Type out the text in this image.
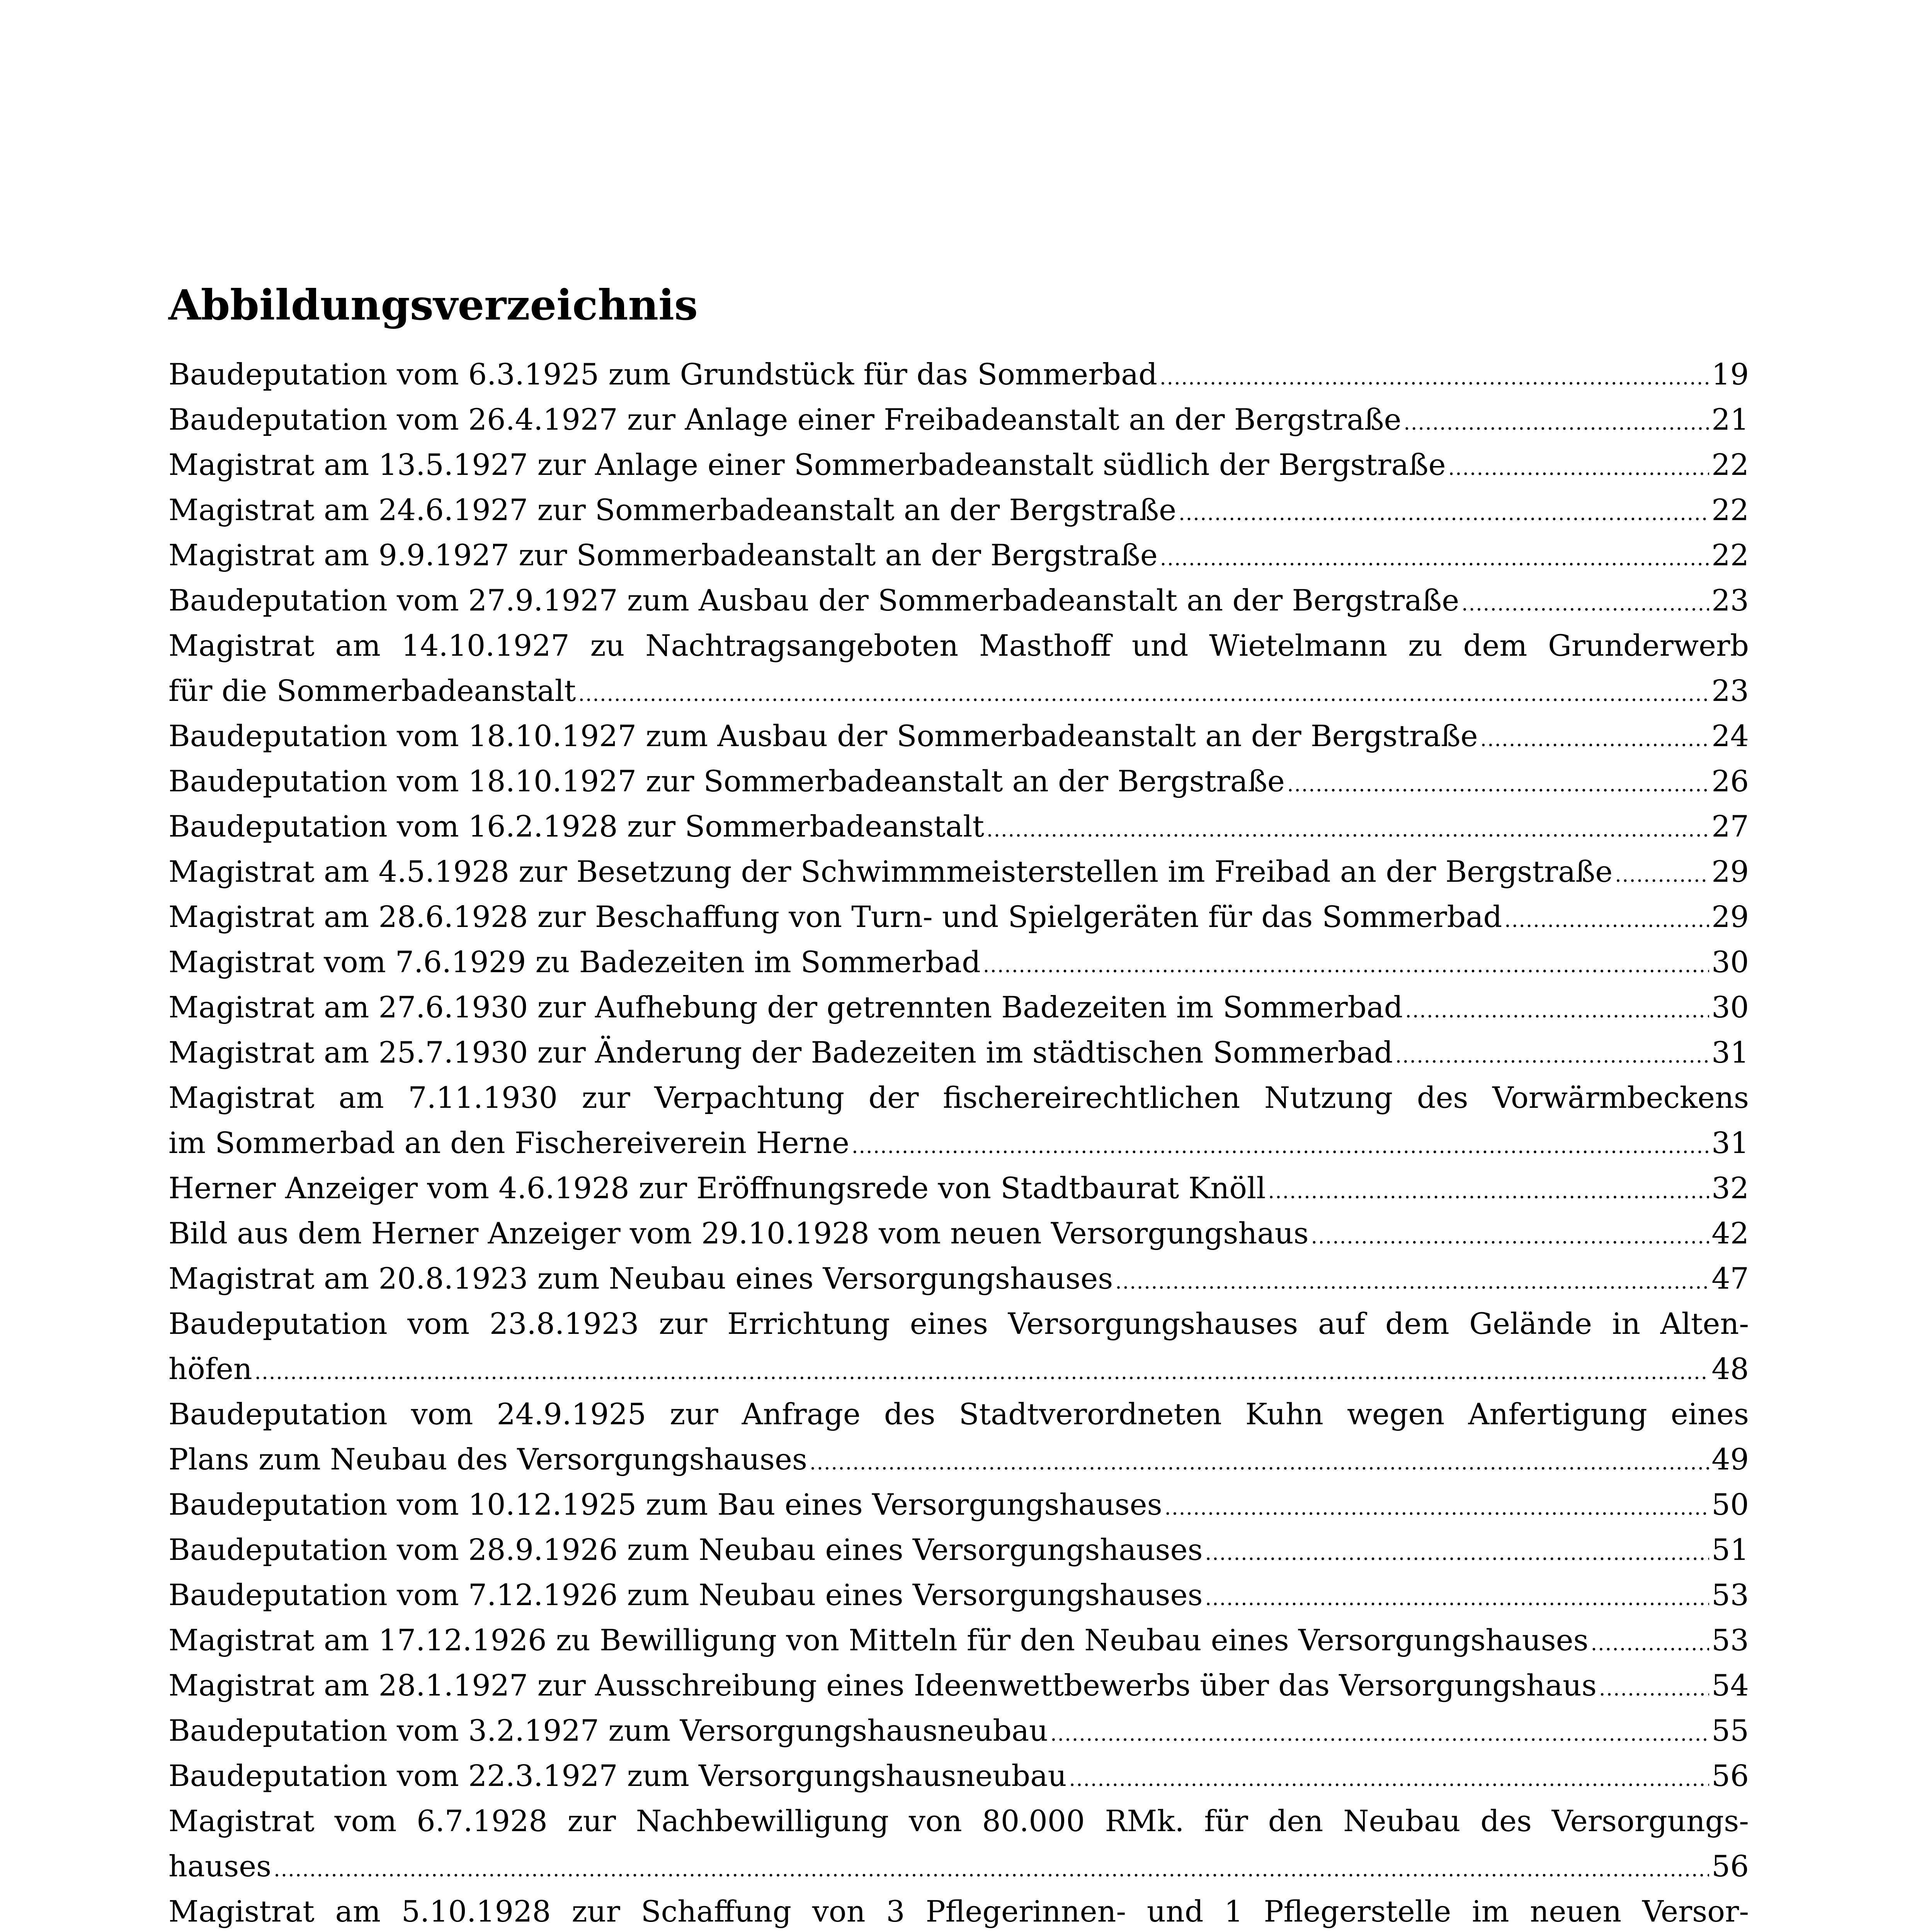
Abbildungsverzeichnis
Baudeputation vom 6.3.1925 zum Grundstück für das Sommerbad .....	19
Baudeputation vom 26.4.1927 zur Anlage einer Freibadeanstalt an der Bergstraße .....	21
Magistrat am 13.5.1927 zur Anlage einer Sommerbadeanstalt südlich der Bergstraße .....	22
Magistrat am 24.6.1927 zur Sommerbadeanstalt an der Bergstraße .....	22
Magistrat am 9.9.1927 zur Sommerbadeanstalt an der Bergstraße .....	22
Baudeputation vom 27.9.1927 zum Ausbau der Sommerbadeanstalt an der Bergstraße .....	23
Magistrat am 14.10.1927 zu Nachtragsangeboten Masthoff und Wietelmann zu dem Grunderwerb
für die Sommerbadeanstalt .....	23
Baudeputation vom 18.10.1927 zum Ausbau der Sommerbadeanstalt an der Bergstraße .....	24
Baudeputation vom 18.10.1927 zur Sommerbadeanstalt an der Bergstraße .....	26
Baudeputation vom 16.2.1928 zur Sommerbadeanstalt .....	27
Magistrat am 4.5.1928 zur Besetzung der Schwimmmeisterstellen im Freibad an der Bergstraße .....	29
Magistrat am 28.6.1928 zur Beschaffung von Turn- und Spielgeräten für das Sommerbad .....	29
Magistrat vom 7.6.1929 zu Badezeiten im Sommerbad .....	30
Magistrat am 27.6.1930 zur Aufhebung der getrennten Badezeiten im Sommerbad .....	30
Magistrat am 25.7.1930 zur Änderung der Badezeiten im städtischen Sommerbad .....	31
Magistrat am 7.11.1930 zur Verpachtung der fischereirechtlichen Nutzung des Vorwärmbeckens
im Sommerbad an den Fischereiverein Herne .....	31
Herner Anzeiger vom 4.6.1928 zur Eröffnungsrede von Stadtbaurat Knöll .....	32
Bild aus dem Herner Anzeiger vom 29.10.1928 vom neuen Versorgungshaus .....	42
Magistrat am 20.8.1923 zum Neubau eines Versorgungshauses .....	47
Baudeputation vom 23.8.1923 zur Errichtung eines Versorgungshauses auf dem Gelände in Alten-
höfen .....	48
Baudeputation vom 24.9.1925 zur Anfrage des Stadtverordneten Kuhn wegen Anfertigung eines
Plans zum Neubau des Versorgungshauses .....	49
Baudeputation vom 10.12.1925 zum Bau eines Versorgungshauses .....	50
Baudeputation vom 28.9.1926 zum Neubau eines Versorgungshauses .....	51
Baudeputation vom 7.12.1926 zum Neubau eines Versorgungshauses .....	53
Magistrat am 17.12.1926 zu Bewilligung von Mitteln für den Neubau eines Versorgungshauses .....	53
Magistrat am 28.1.1927 zur Ausschreibung eines Ideenwettbewerbs über das Versorgungshaus .....	54
Baudeputation vom 3.2.1927 zum Versorgungshausneubau .....	55
Baudeputation vom 22.3.1927 zum Versorgungshausneubau .....	56
Magistrat vom 6.7.1928 zur Nachbewilligung von 80.000 RMk. für den Neubau des Versorgungs-
hauses .....	56
Magistrat am 5.10.1928 zur Schaffung von 3 Pflegerinnen- und 1 Pflegerstelle im neuen Versor-
